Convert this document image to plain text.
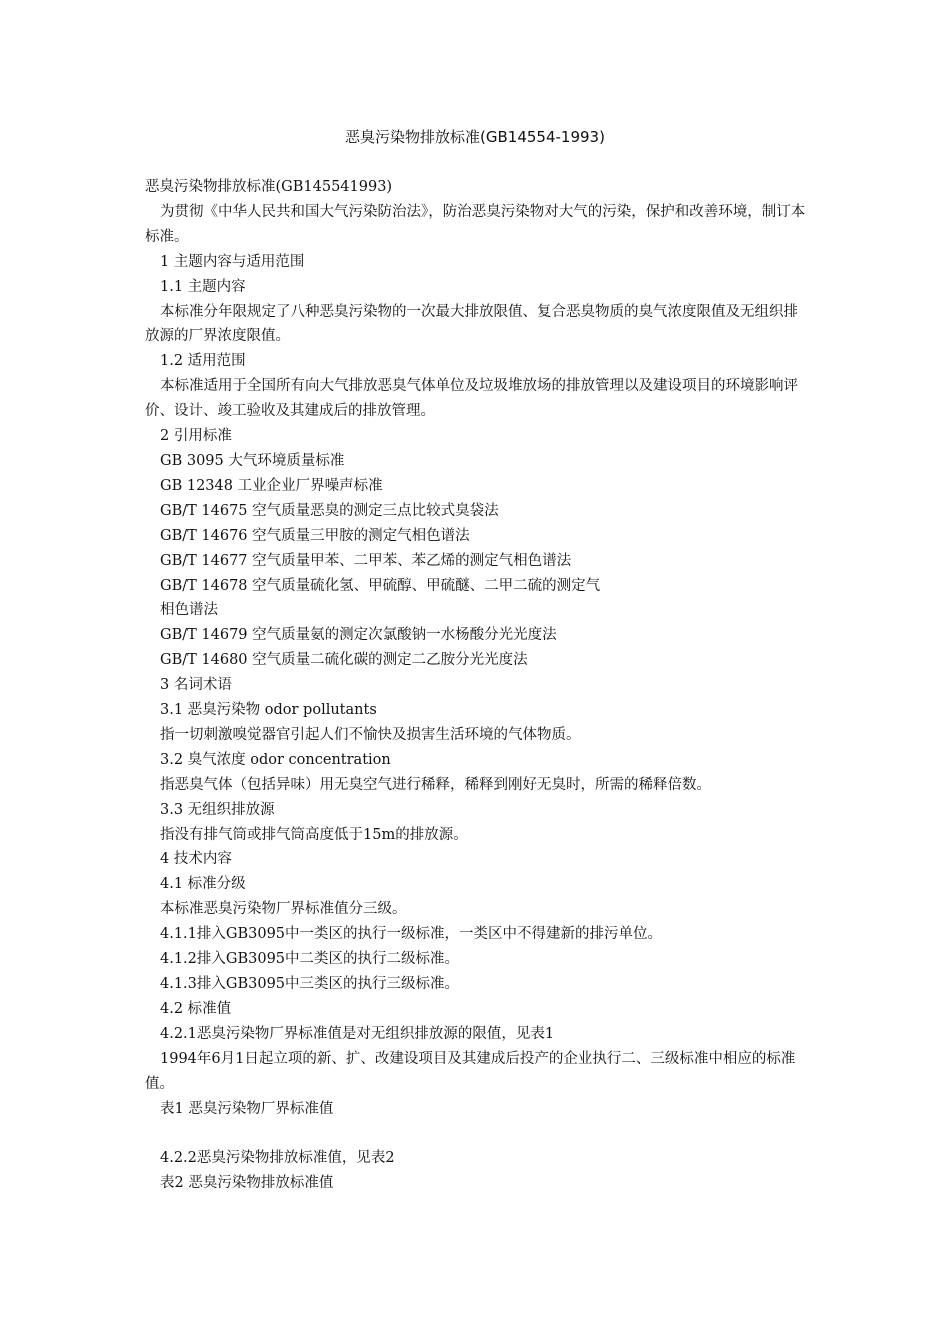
恶臭污染物排放标准(GB14554-1993)

恶臭污染物排放标准(GB145541993)

为贯彻《中华人民共和国大气污染防治法》，防治恶臭污染物对大气的污染，保护和改善环境，制订本标准。

1 主题内容与适用范围

1.1 主题内容

本标准分年限规定了八种恶臭污染物的一次最大排放限值、复合恶臭物质的臭气浓度限值及无组织排放源的厂界浓度限值。

1.2 适用范围

本标准适用于全国所有向大气排放恶臭气体单位及垃圾堆放场的排放管理以及建设项目的环境影响评价、设计、竣工验收及其建成后的排放管理。

2 引用标准

GB 3095 大气环境质量标准

GB 12348 工业企业厂界噪声标准

GB/T 14675 空气质量恶臭的测定三点比较式臭袋法

GB/T 14676 空气质量三甲胺的测定气相色谱法

GB/T 14677 空气质量甲苯、二甲苯、苯乙烯的测定气相色谱法

GB/T 14678 空气质量硫化氢、甲硫醇、甲硫醚、二甲二硫的测定气

相色谱法

GB/T 14679 空气质量氨的测定次氯酸钠一水杨酸分光光度法

GB/T 14680 空气质量二硫化碳的测定二乙胺分光光度法

3 名词术语

3.1 恶臭污染物 odor pollutants

指一切刺激嗅觉器官引起人们不愉快及损害生活环境的气体物质。

3.2 臭气浓度 odor concentration

指恶臭气体（包括异味）用无臭空气进行稀释，稀释到刚好无臭时，所需的稀释倍数。

3.3 无组织排放源

指没有排气筒或排气筒高度低于15m的排放源。

4 技术内容

4.1 标准分级

本标准恶臭污染物厂界标准值分三级。

4.1.1排入GB3095中一类区的执行一级标准，一类区中不得建新的排污单位。

4.1.2排入GB3095中二类区的执行二级标准。

4.1.3排入GB3095中三类区的执行三级标准。

4.2 标准值

4.2.1恶臭污染物厂界标准值是对无组织排放源的限值，见表1

1994年6月1日起立项的新、扩、改建设项目及其建成后投产的企业执行二、三级标准中相应的标准值。

表1 恶臭污染物厂界标准值

4.2.2恶臭污染物排放标准值，见表2

表2 恶臭污染物排放标准值
